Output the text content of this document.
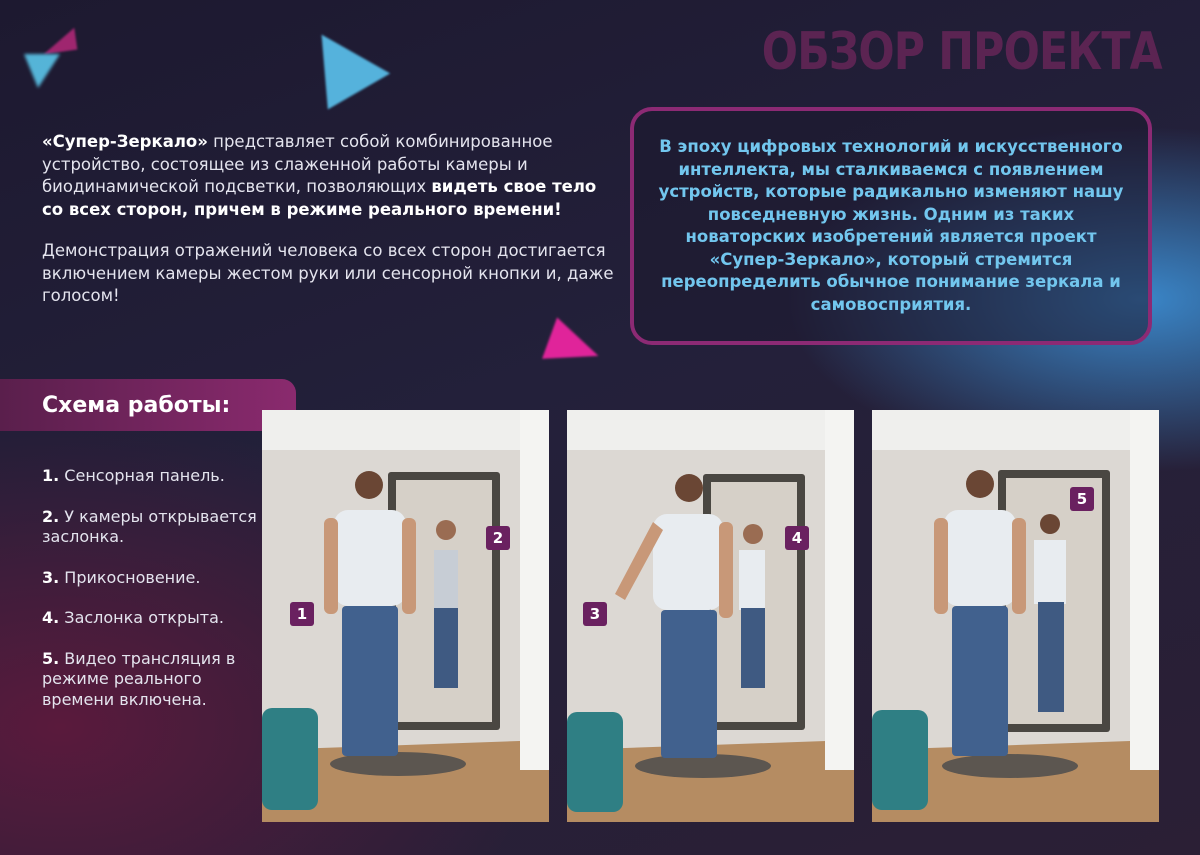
ОБЗОР ПРОЕКТА

«Супер-Зеркало» представляет собой комбинированное устройство, состоящее из слаженной работы камеры и биодинамической подсветки, позволяющих видеть свое тело со всех сторон, причем в режиме реального времени!

Демонстрация отражений человека со всех сторон достигается включением камеры жестом руки или сенсорной кнопки и, даже голосом!

В эпоху цифровых технологий и искусственного интеллекта, мы сталкиваемся с появлением устройств, которые радикально изменяют нашу повседневную жизнь. Одним из таких новаторских изобретений является проект «Супер-Зеркало», который стремится переопределить обычное понимание зеркала и самовосприятия.
Схема работы:
1. Сенсорная панель.
2. У камеры открывается заслонка.
3. Прикосновение.
4. Заслонка открыта.
5. Видео трансляция в режиме реального времени включена.
1
2
3
4
5
